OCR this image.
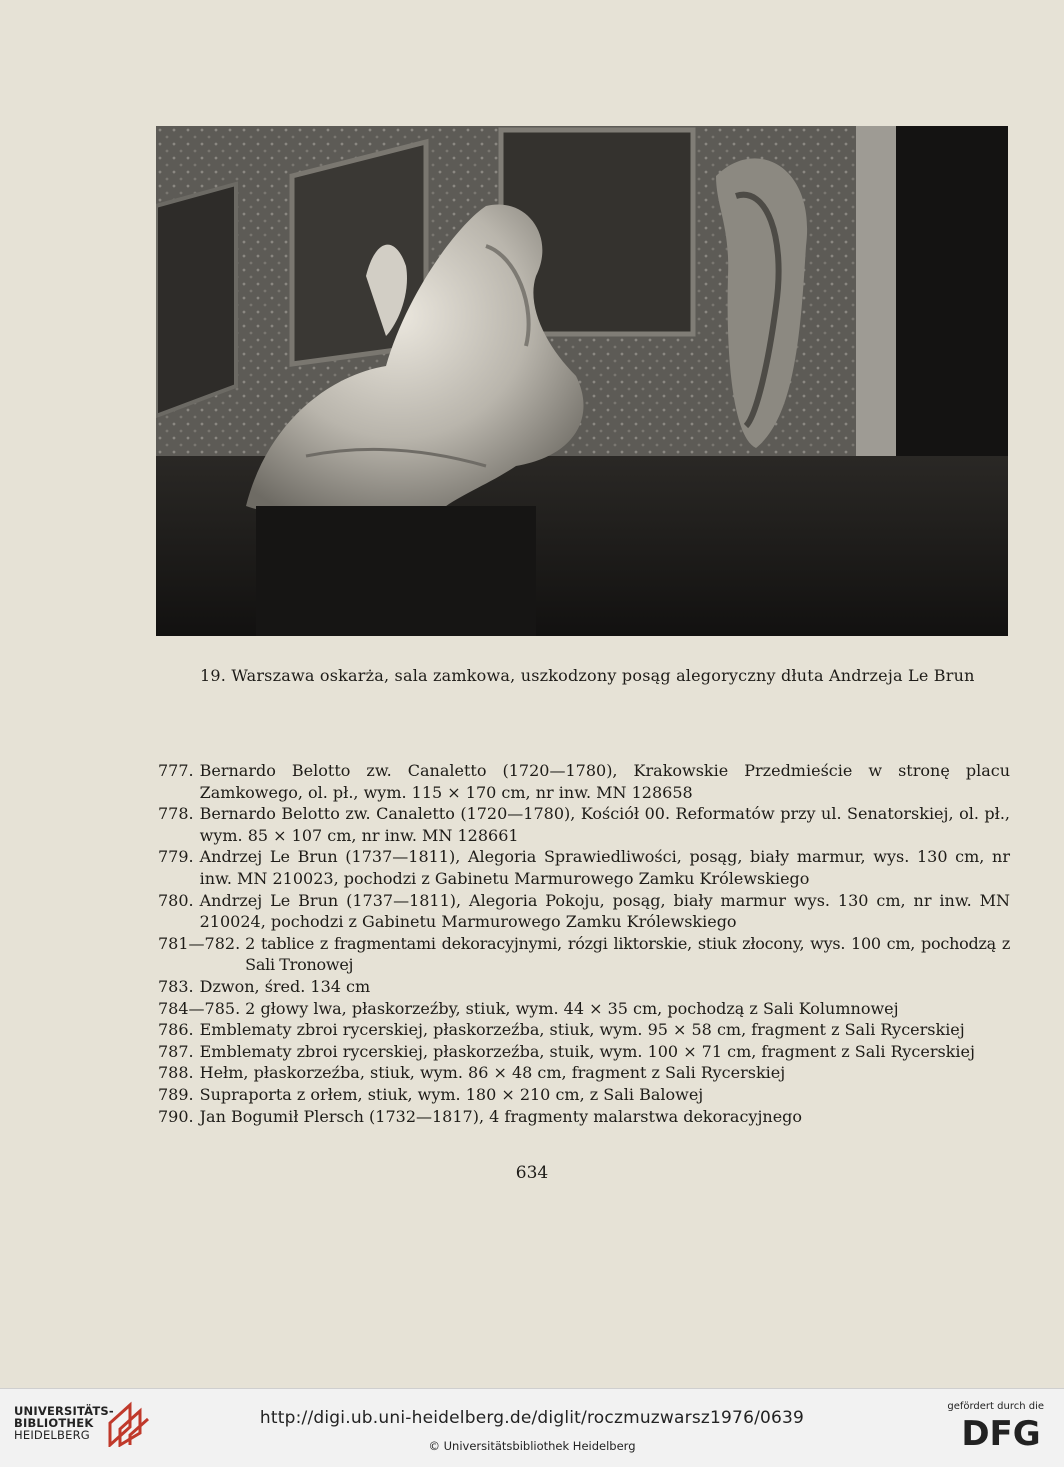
19. Warszawa oskarża, sala zamkowa, uszkodzony posąg alegoryczny dłuta Andrzeja Le Brun
777. Bernardo Belotto zw. Canaletto (1720—1780), Krakowskie Przedmieście w stronę placu Zamkowego, ol. pł., wym. 115 × 170 cm, nr inw. MN 128658
778. Bernardo Belotto zw. Canaletto (1720—1780), Kościół 00. Reformatów przy ul. Senatorskiej, ol. pł., wym. 85 × 107 cm, nr inw. MN 128661
779. Andrzej Le Brun (1737—1811), Alegoria Sprawiedliwości, posąg, biały marmur, wys. 130 cm, nr inw. MN 210023, pochodzi z Gabinetu Marmurowego Zamku Królewskiego
780. Andrzej Le Brun (1737—1811), Alegoria Pokoju, posąg, biały marmur wys. 130 cm, nr inw. MN 210024, pochodzi z Gabinetu Marmurowego Zamku Królewskiego
781—782. 2 tablice z fragmentami dekoracyjnymi, rózgi liktorskie, stiuk złocony, wys. 100 cm, pochodzą z Sali Tronowej
783. Dzwon, śred. 134 cm
784—785. 2 głowy lwa, płaskorzeźby, stiuk, wym. 44 × 35 cm, pochodzą z Sali Kolumnowej
786. Emblematy zbroi rycerskiej, płaskorzeźba, stiuk, wym. 95 × 58 cm, fragment z Sali Rycerskiej
787. Emblematy zbroi rycerskiej, płaskorzeźba, stuik, wym. 100 × 71 cm, fragment z Sali Rycerskiej
788. Hełm, płaskorzeźba, stiuk, wym. 86 × 48 cm, fragment z Sali Rycerskiej
789. Supraporta z orłem, stiuk, wym. 180 × 210 cm, z Sali Balowej
790. Jan Bogumił Plersch (1732—1817), 4 fragmenty malarstwa dekoracyjnego
634
UNIVERSITÄTS-
BIBLIOTHEK
HEIDELBERG
http://digi.ub.uni-heidelberg.de/diglit/roczmuzwarsz1976/0639
© Universitätsbibliothek Heidelberg
gefördert durch die
DFG
